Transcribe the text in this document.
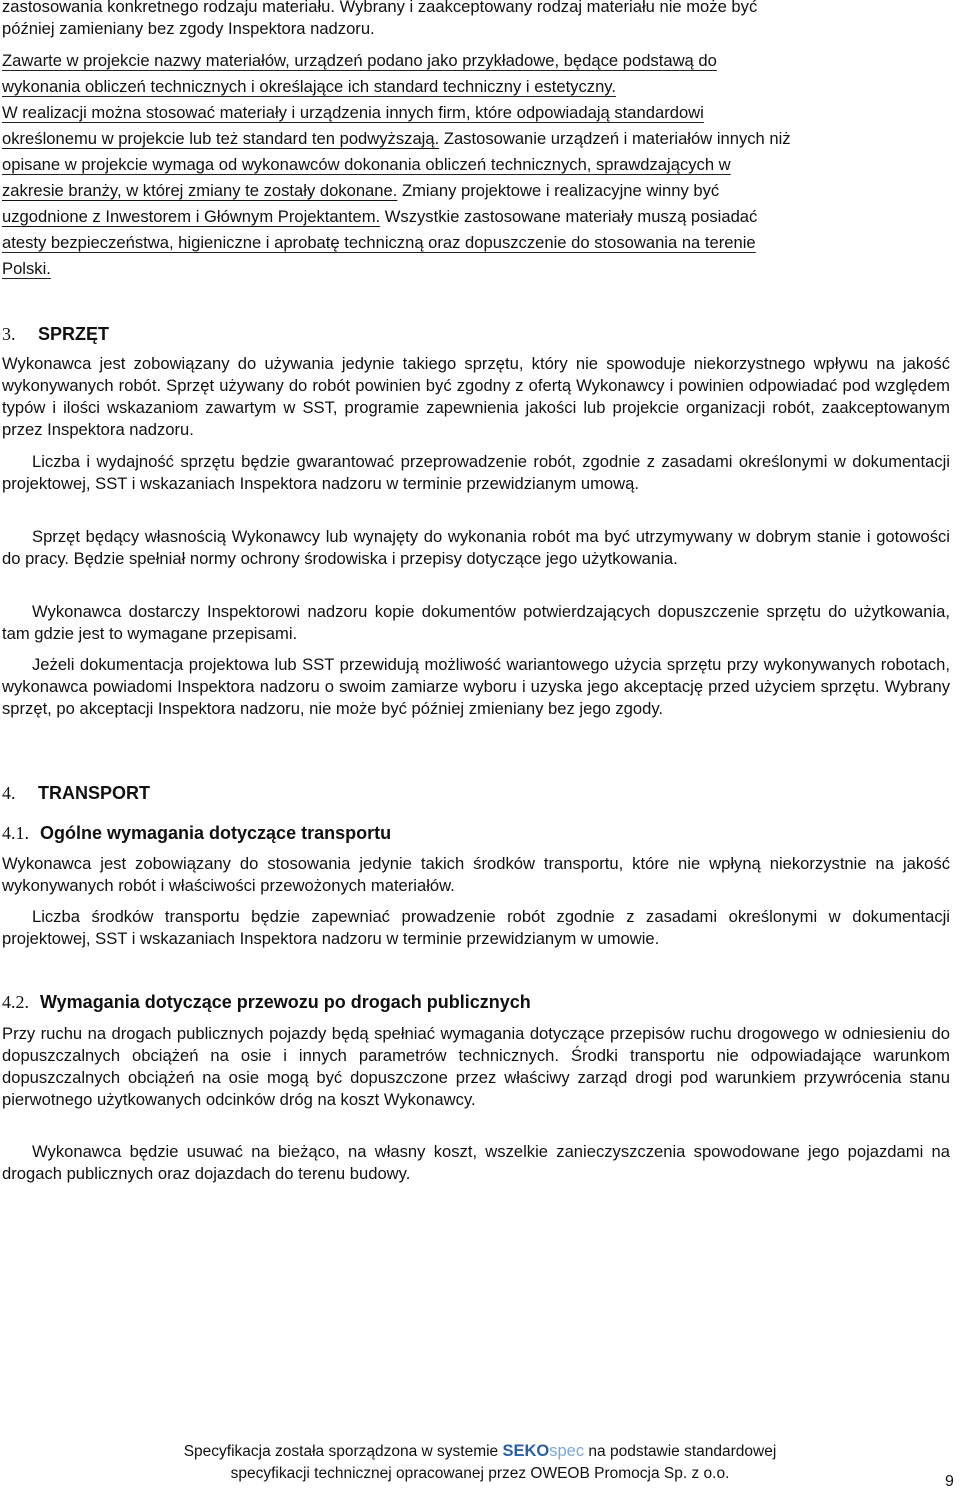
zastosowania konkretnego rodzaju materiału. Wybrany i zaakceptowany rodzaj materiału nie może być
później zamieniany bez zgody Inspektora nadzoru.
Zawarte w projekcie nazwy materiałów, urządzeń podano jako przykładowe, będące podstawą do
wykonania obliczeń technicznych i określające ich standard techniczny i estetyczny.
W realizacji można stosować materiały i urządzenia innych firm, które odpowiadają standardowi
określonemu w projekcie lub też standard ten podwyższają. Zastosowanie urządzeń i materiałów innych niż
opisane w projekcie wymaga od wykonawców dokonania obliczeń technicznych, sprawdzających w
zakresie branży, w której zmiany te zostały dokonane. Zmiany projektowe i realizacyjne winny być
uzgodnione z Inwestorem i Głównym Projektantem. Wszystkie zastosowane materiały muszą posiadać
atesty bezpieczeństwa, higieniczne i aprobatę techniczną oraz dopuszczenie do stosowania na terenie
Polski.
3. SPRZĘT

Wykonawca jest zobowiązany do używania jedynie takiego sprzętu, który nie spowoduje niekorzystnego wpływu na jakość wykonywanych robót. Sprzęt używany do robót powinien być zgodny z ofertą Wykonawcy i powinien odpowiadać pod względem typów i ilości wskazaniom zawartym w SST, programie zapewnienia jakości lub projekcie organizacji robót, zaakceptowanym przez Inspektora nadzoru.

Liczba i wydajność sprzętu będzie gwarantować przeprowadzenie robót, zgodnie z zasadami określonymi w dokumentacji projektowej, SST i wskazaniach Inspektora nadzoru w terminie przewidzianym umową.

Sprzęt będący własnością Wykonawcy lub wynajęty do wykonania robót ma być utrzymywany w dobrym stanie i gotowości do pracy. Będzie spełniał normy ochrony środowiska i przepisy dotyczące jego użytkowania.

Wykonawca dostarczy Inspektorowi nadzoru kopie dokumentów potwierdzających dopuszczenie sprzętu do użytkowania, tam gdzie jest to wymagane przepisami.

Jeżeli dokumentacja projektowa lub SST przewidują możliwość wariantowego użycia sprzętu przy wykonywanych robotach, wykonawca powiadomi Inspektora nadzoru o swoim zamiarze wyboru i uzyska jego akceptację przed użyciem sprzętu. Wybrany sprzęt, po akceptacji Inspektora nadzoru, nie może być później zmieniany bez jego zgody.

4. TRANSPORT
4.1. Ogólne wymagania dotyczące transportu

Wykonawca jest zobowiązany do stosowania jedynie takich środków transportu, które nie wpłyną niekorzystnie na jakość wykonywanych robót i właściwości przewożonych materiałów.

Liczba środków transportu będzie zapewniać prowadzenie robót zgodnie z zasadami określonymi w dokumentacji projektowej, SST i wskazaniach Inspektora nadzoru w terminie przewidzianym w umowie.

4.2. Wymagania dotyczące przewozu po drogach publicznych

Przy ruchu na drogach publicznych pojazdy będą spełniać wymagania dotyczące przepisów ruchu drogowego w odniesieniu do dopuszczalnych obciążeń na osie i innych parametrów technicznych. Środki transportu nie odpowiadające warunkom dopuszczalnych obciążeń na osie mogą być dopuszczone przez właściwy zarząd drogi pod warunkiem przywrócenia stanu pierwotnego użytkowanych odcinków dróg na koszt Wykonawcy.

Wykonawca będzie usuwać na bieżąco, na własny koszt, wszelkie zanieczyszczenia spowodowane jego pojazdami na drogach publicznych oraz dojazdach do terenu budowy.

Specyfikacja została sporządzona w systemie SEKOspec na podstawie standardowej
specyfikacji technicznej opracowanej przez OWEOB Promocja Sp. z o.o.	9
